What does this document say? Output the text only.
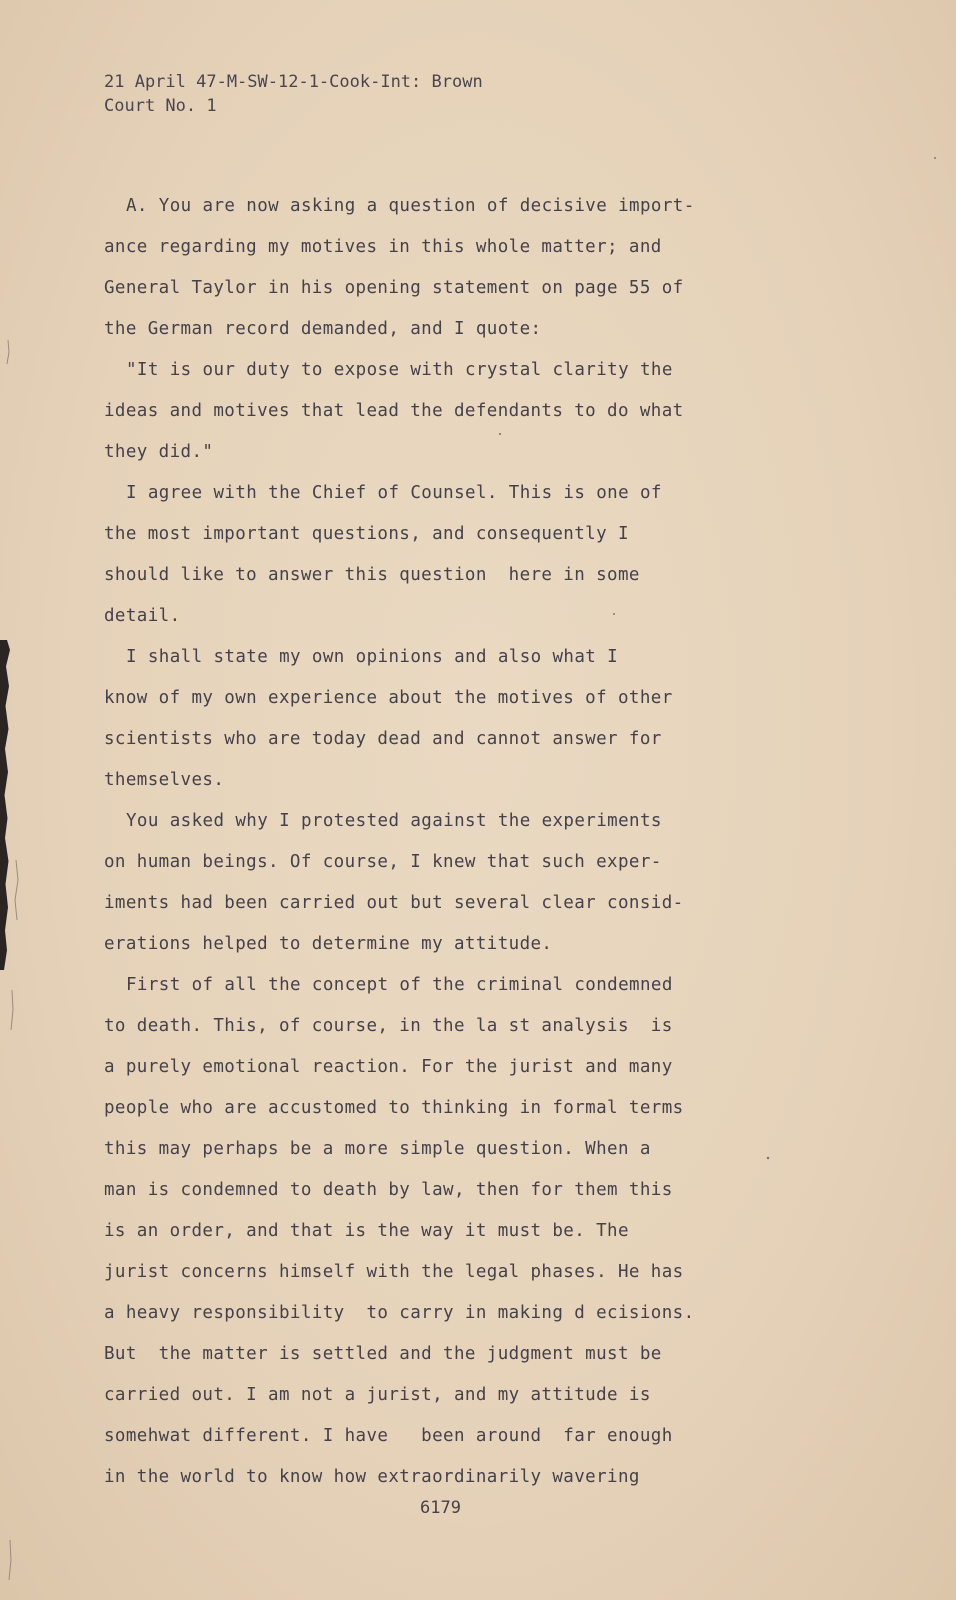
21 April 47-M-SW-12-1-Cook-Int: Brown
Court No. 1
A. You are now asking a question of decisive import-
ance regarding my motives in this whole matter; and
General Taylor in his opening statement on page 55 of
the German record demanded, and I quote:
"It is our duty to expose with crystal clarity the
ideas and motives that lead the defendants to do what
they did."
I agree with the Chief of Counsel. This is one of
the most important questions, and consequently I
should like to answer this question  here in some
detail.
I shall state my own opinions and also what I
know of my own experience about the motives of other
scientists who are today dead and cannot answer for
themselves.
You asked why I protested against the experiments
on human beings. Of course, I knew that such exper-
iments had been carried out but several clear consid-
erations helped to determine my attitude.
First of all the concept of the criminal condemned
to death. This, of course, in the la st analysis  is
a purely emotional reaction. For the jurist and many
people who are accustomed to thinking in formal terms
this may perhaps be a more simple question. When a
man is condemned to death by law, then for them this
is an order, and that is the way it must be. The
jurist concerns himself with the legal phases. He has
a heavy responsibility  to carry in making d ecisions.
But  the matter is settled and the judgment must be
carried out. I am not a jurist, and my attitude is
somehwat different. I have   been around  far enough
in the world to know how extraordinarily wavering
6179
